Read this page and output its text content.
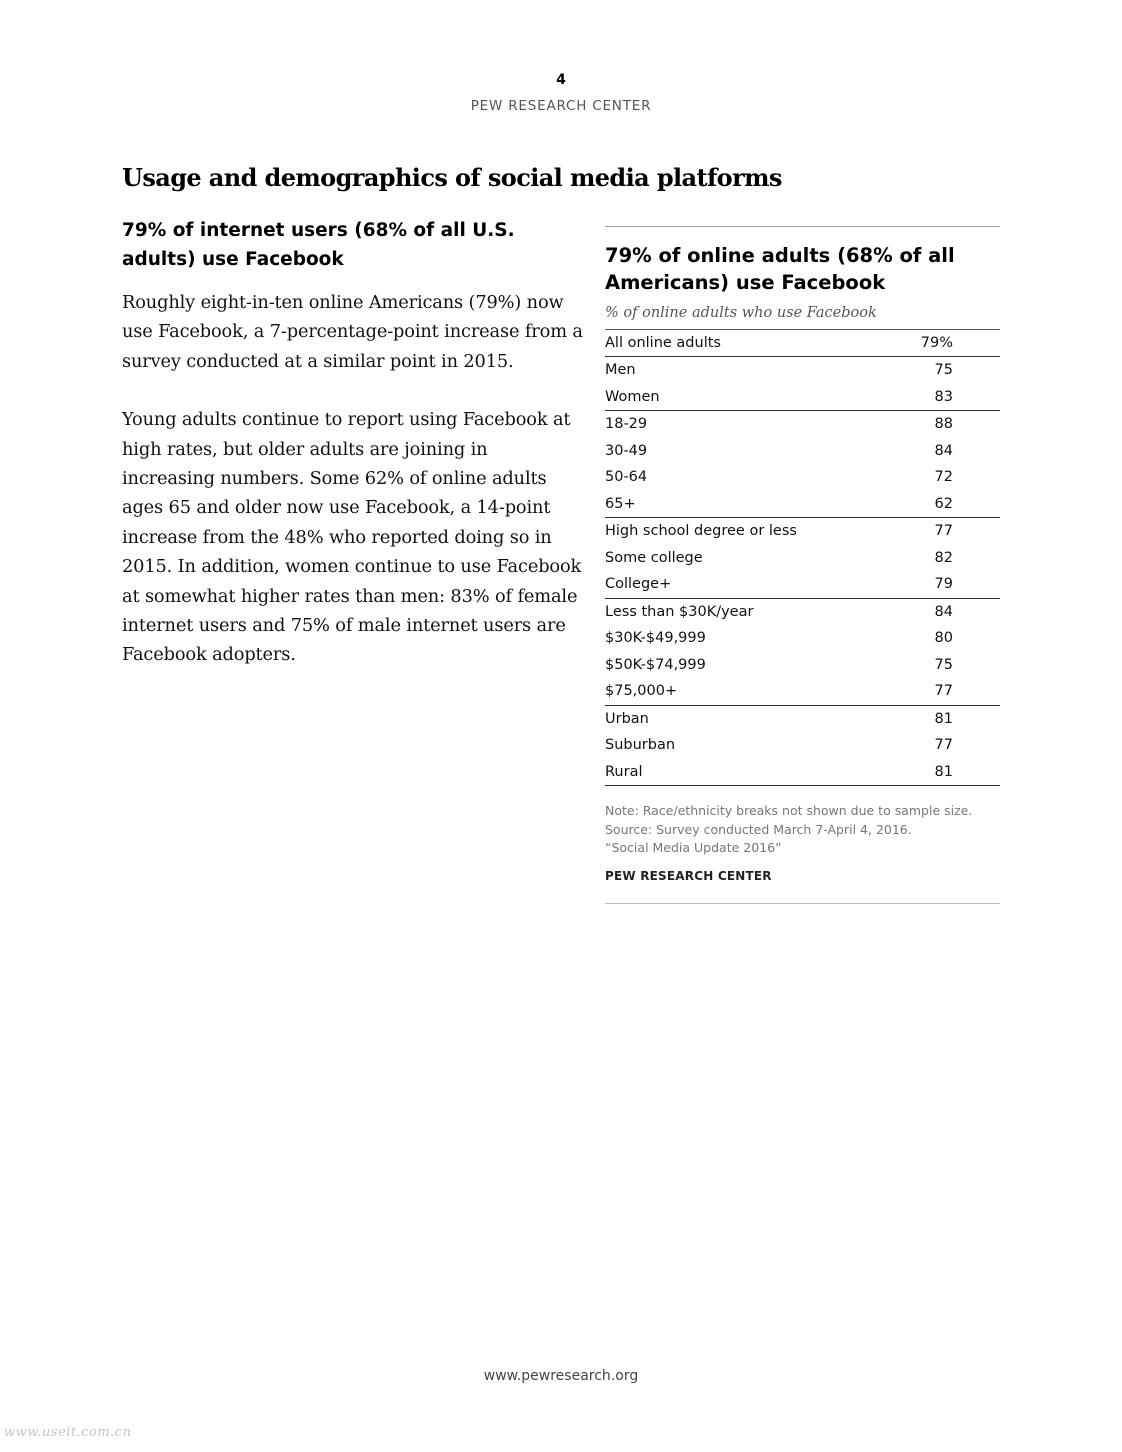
4
PEW RESEARCH CENTER
Usage and demographics of social media platforms
79% of internet users (68% of all U.S. adults) use Facebook

Roughly eight-in-ten online Americans (79%) now use Facebook, a 7-percentage-point increase from a survey conducted at a similar point in 2015.

Young adults continue to report using Facebook at high rates, but older adults are joining in increasing numbers. Some 62% of online adults ages 65 and older now use Facebook, a 14-point increase from the 48% who reported doing so in 2015. In addition, women continue to use Facebook at somewhat higher rates than men: 83% of female internet users and 75% of male internet users are Facebook adopters.

79% of online adults (68% of all Americans) use Facebook
% of online adults who use Facebook
All online adults	79%
Men	75
Women	83
18-29	88
30-49	84
50-64	72
65+	62
High school degree or less	77
Some college	82
College+	79
Less than $30K/year	84
$30K-$49,999	80
$50K-$74,999	75
$75,000+	77
Urban	81
Suburban	77
Rural	81
Note: Race/ethnicity breaks not shown due to sample size.
Source: Survey conducted March 7-April 4, 2016.
“Social Media Update 2016”
PEW RESEARCH CENTER
www.pewresearch.org
www.useit.com.cn
